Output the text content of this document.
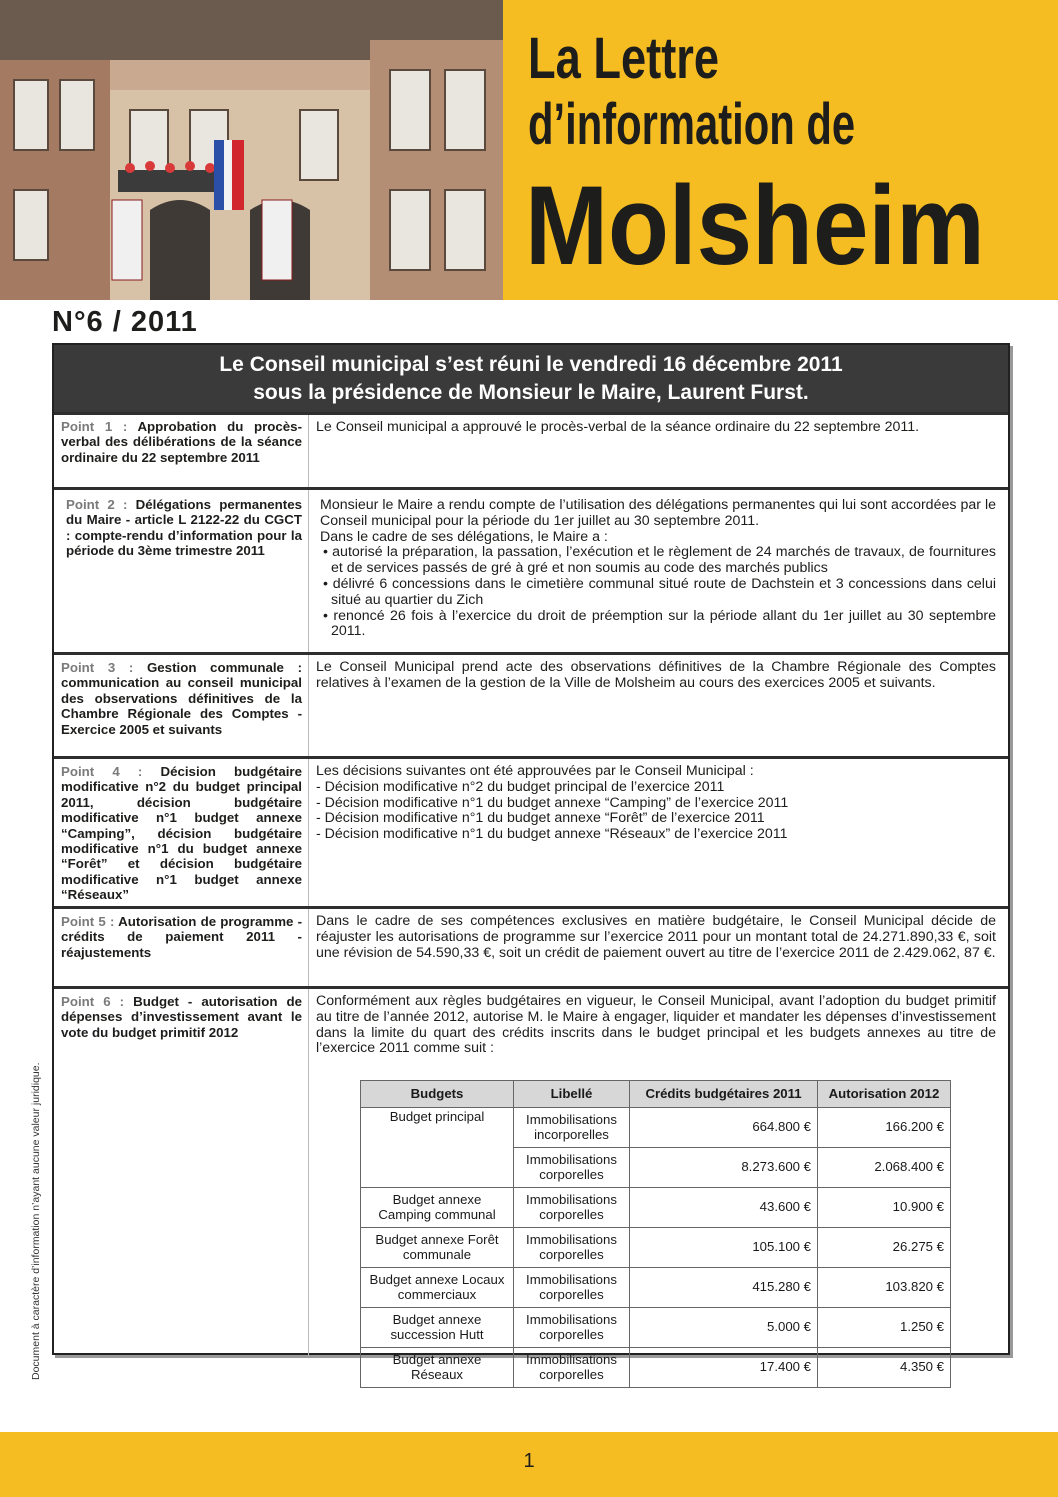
La Lettre
d’information de
Molsheim
N°6 / 2011
Document à caractère d’information n’ayant aucune valeur juridique.
Le Conseil municipal s’est réuni le vendredi 16 décembre 2011
sous la présidence de Monsieur le Maire, Laurent Furst.
Point 1 : Approbation du procès-verbal des délibérations de la séance ordinaire du 22 septembre 2011

Le Conseil municipal a approuvé le procès-verbal de la séance ordinaire du 22 septembre 2011.

Point 2 : Délégations permanentes du Maire - article L 2122-22 du CGCT : compte-rendu d’information pour la période du 3ème trimestre 2011

Monsieur le Maire a rendu compte de l’utilisation des délégations permanentes qui lui sont accordées par le Conseil municipal pour la période du 1er juillet au 30 septembre 2011.

Dans le cadre de ses délégations, le Maire a :

• autorisé la préparation, la passation, l’exécution et le règlement de 24 marchés de travaux, de fournitures et de services passés de gré à gré et non soumis au code des marchés publics
• délivré 6 concessions dans le cimetière communal situé route de Dachstein et 3 concessions dans celui situé au quartier du Zich
• renoncé 26 fois à l’exercice du droit de préemption sur la période allant du 1er juillet au 30 septembre 2011.
Point 3 : Gestion communale : communication au conseil municipal des observations définitives de la Chambre Régionale des Comptes - Exercice 2005 et suivants

Le Conseil Municipal prend acte des observations définitives de la Chambre Régionale des Comptes relatives à l’examen de la gestion de la Ville de Molsheim au cours des exercices 2005 et suivants.

Point 4 : Décision budgétaire modificative n°2 du budget principal 2011, décision budgétaire modificative n°1 budget annexe “Camping”, décision budgétaire modificative n°1 du budget annexe “Forêt” et décision budgétaire modificative n°1 budget annexe “Réseaux”

Les décisions suivantes ont été approuvées par le Conseil Municipal :

- Décision modificative n°2 du budget principal de l’exercice 2011

- Décision modificative n°1 du budget annexe “Camping” de l’exercice 2011

- Décision modificative n°1 du budget annexe “Forêt” de l’exercice 2011

- Décision modificative n°1 du budget annexe “Réseaux” de l’exercice 2011

Point 5 : Autorisation de programme - crédits de paiement 2011 - réajustements

Dans le cadre de ses compétences exclusives en matière budgétaire, le Conseil Municipal décide de réajuster les autorisations de programme sur l’exercice 2011 pour un montant total de 24.271.890,33 €, soit une révision de 54.590,33 €, soit un crédit de paiement ouvert au titre de l’exercice 2011 de 2.429.062, 87 €.

Point 6 : Budget - autorisation de dépenses d’investissement avant le vote du budget primitif 2012

Conformément aux règles budgétaires en vigueur, le Conseil Municipal, avant l’adoption du budget primitif au titre de l’année 2012, autorise M. le Maire à engager, liquider et mandater les dépenses d’investissement dans la limite du quart des crédits inscrits dans le budget principal et les budgets annexes au titre de l’exercice 2011 comme suit :

Budgets	Libellé	Crédits budgétaires 2011	Autorisation 2012
Budget principal	Immobilisations incorporelles	664.800 €	166.200 €
	Immobilisations corporelles	8.273.600 €	2.068.400 €
Budget annexe Camping communal	Immobilisations corporelles	43.600 €	10.900 €
Budget annexe Forêt communale	Immobilisations corporelles	105.100 €	26.275 €
Budget annexe Locaux commerciaux	Immobilisations corporelles	415.280 €	103.820 €
Budget annexe succession Hutt	Immobilisations corporelles	5.000 €	1.250 €
Budget annexe Réseaux	Immobilisations corporelles	17.400 €	4.350 €
1
